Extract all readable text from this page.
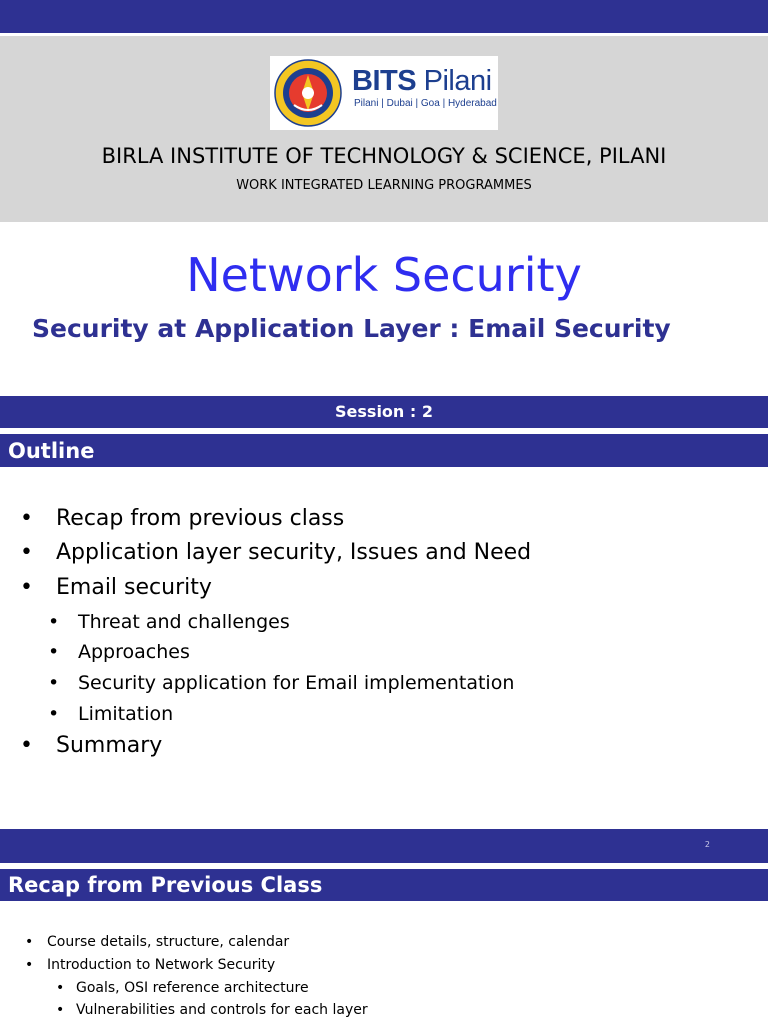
BITS Pilani
Pilani | Dubai | Goa | Hyderabad
BIRLA INSTITUTE OF TECHNOLOGY & SCIENCE, PILANI
WORK INTEGRATED LEARNING PROGRAMMES
Network Security
Security at Application Layer : Email Security
Session : 2
Outline
• Recap from previous class
• Application layer security, Issues and Need
• Email security
• Threat and challenges
• Approaches
• Security application for Email implementation
• Limitation
• Summary
2
Recap from Previous Class
• Course details, structure, calendar
• Introduction to Network Security
• Goals, OSI reference architecture
• Vulnerabilities and controls for each layer
